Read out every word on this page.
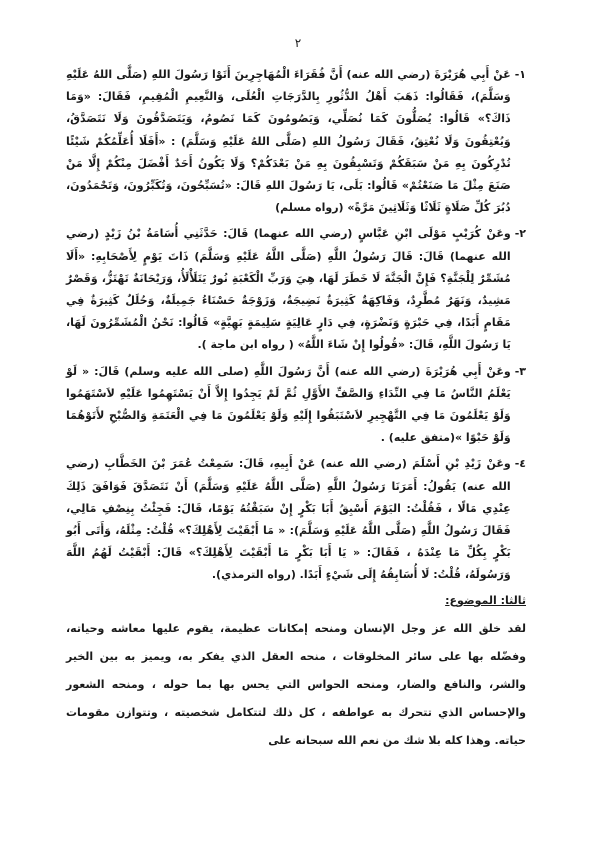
٢
١-
عَنْ أَبِي هُرَيْرَةَ (رضي الله عنه) أَنَّ فُقَرَاءَ الْمُهَاجِرِينَ أَتَوْا رَسُولَ اللهِ (صَلَّى اللهُ عَلَيْهِ وَسَلَّمَ)، فَقَالُوا: ذَهَبَ أَهْلُ الدُّثُورِ بِالدَّرَجَاتِ الْعُلَى، وَالنَّعِيمِ الْمُقِيمِ، فَقَالَ: «وَمَا ذَاكَ؟» قَالُوا: يُصَلُّونَ كَمَا نُصَلِّي، وَيَصُومُونَ كَمَا نَصُومُ، وَيَتَصَدَّقُونَ وَلَا نَتَصَدَّقُ، وَيُعْتِقُونَ وَلَا نُعْتِقُ، فَقَالَ رَسُولُ اللهِ (صَلَّى اللهُ عَلَيْهِ وَسَلَّمَ) : «أَفَلَا أُعَلِّمُكُمْ شَيْئًا تُدْرِكُونَ بِهِ مَنْ سَبَقَكُمْ وَتَسْبِقُونَ بِهِ مَنْ بَعْدَكُمْ؟ وَلَا يَكُونُ أَحَدٌ أَفْضَلَ مِنْكُمْ إِلَّا مَنْ صَنَعَ مِثْلَ مَا صَنَعْتُمْ» قَالُوا: بَلَى، يَا رَسُولَ اللهِ قَالَ: «تُسَبِّحُونَ، وَتُكَبِّرُونَ، وَتَحْمَدُونَ، دُبُرَ كُلِّ صَلَاةٍ ثَلَاثًا وَثَلَاثِينَ مَرَّةً» (رواه مسلم)
٢-
وعَنْ كُرَيْبٍ مَوْلَى ابْنِ عَبَّاسٍ (رضي الله عنهما) قَالَ: حَدَّثَنِي أُسَامَةُ بْنُ زَيْدٍ (رضي الله عنهما) قَالَ: قَالَ رَسُولُ اللَّهِ (صَلَّى اللَّهُ عَلَيْهِ وَسَلَّمَ) ذَاتَ يَوْمٍ لِأَصْحَابِهِ: «أَلَا مُشَمِّرٌ لِلْجَنَّةِ؟ فَإِنَّ الْجَنَّةَ لَا خَطَرَ لَهَا، هِيَ وَرَبِّ الْكَعْبَةِ نُورٌ يَتَلَأْلَأُ، وَرَيْحَانَةٌ تَهْتَزُّ، وَقَصْرٌ مَشِيدٌ، وَنَهَرٌ مُطَّرِدٌ، وَفَاكِهَةٌ كَثِيرَةٌ نَضِيجَةٌ، وَزَوْجَةٌ حَسْنَاءُ جَمِيلَةٌ، وَحُلَلٌ كَثِيرَةٌ فِي مَقَامٍ أَبَدًا، فِي حَبْرَةٍ وَنَضْرَةٍ، فِي دَارٍ عَالِيَةٍ سَلِيمَةٍ بَهِيَّةٍ» قَالُوا: نَحْنُ الْمُشَمِّرُونَ لَهَا، يَا رَسُولَ اللَّهِ، قَالَ: «قُولُوا إِنْ شَاءَ اللَّهُ» ( رواه ابن ماجة ).
٣-
وعَنْ أَبِي هُرَيْرَةَ (رضي الله عنه) أَنَّ رَسُولَ اللَّهِ (صلى الله عليه وسلم) قَالَ: « لَوْ يَعْلَمُ النَّاسُ مَا فِي النِّدَاءِ وَالصَّفِّ الأَوَّلِ ثُمَّ لَمْ يَجِدُوا إِلاَّ أَنْ يَسْتَهِمُوا عَلَيْهِ لاَسْتَهَمُوا وَلَوْ يَعْلَمُونَ مَا فِي التَّهْجِيرِ لاَسْتَبَقُوا إِلَيْهِ وَلَوْ يَعْلَمُونَ مَا فِي الْعَتَمَةِ وَالصُّبْحِ لأَتَوْهُمَا وَلَوْ حَبْوًا »(متفق عليه) .
٤-
وعَنْ زَيْدِ بْنِ أَسْلَمَ (رضي الله عنه) عَنْ أَبِيهِ، قَالَ: سَمِعْتُ عُمَرَ بْنَ الخَطَّابِ (رضي الله عنه) يَقُولُ: أَمَرَنَا رَسُولُ اللَّهِ (صَلَّى اللَّهُ عَلَيْهِ وَسَلَّمَ) أَنْ نَتَصَدَّقَ فَوَافَقَ ذَلِكَ عِنْدِي مَالًا ، فَقُلْتُ: اليَوْمَ أَسْبِقُ أَبَا بَكْرٍ إِنْ سَبَقْتُهُ يَوْمًا، قَالَ: فَجِئْتُ بِنِصْفِ مَالِي، فَقَالَ رَسُولُ اللَّهِ (صَلَّى اللَّهُ عَلَيْهِ وَسَلَّمَ): « مَا أَبْقَيْتَ لِأَهْلِكَ؟» قُلْتُ: مِثْلَهُ، وَأَتَى أَبُو بَكْرٍ بِكُلِّ مَا عِنْدَهُ ، فَقَالَ: « يَا أَبَا بَكْرٍ مَا أَبْقَيْتَ لِأَهْلِكَ؟» قَالَ: أَبْقَيْتُ لَهُمُ اللَّهَ وَرَسُولَهُ، قُلْتُ: لَا أُسَابِقُهُ إِلَى شَيْءٍ أَبَدًا. (رواه الترمذي).
ثالثا: الموضوع:
لقد خلق الله عز وجل الإنسان ومنحه إمكانات عظيمة، يقوم عليها معاشه وحياته، وفضّله بها على سائر المخلوقات ، منحه العقل الذي يفكر به، ويميز به بين الخير والشر، والنافع والضار، ومنحه الحواس التي يحس بها بما حوله ، ومنحه الشعور والإحساس الذي تتحرك به عواطفه ، كل ذلك لتتكامل شخصيته ، وتتوازن مقومات حياته. وهذا كله بلا شك من نعم الله سبحانه على
